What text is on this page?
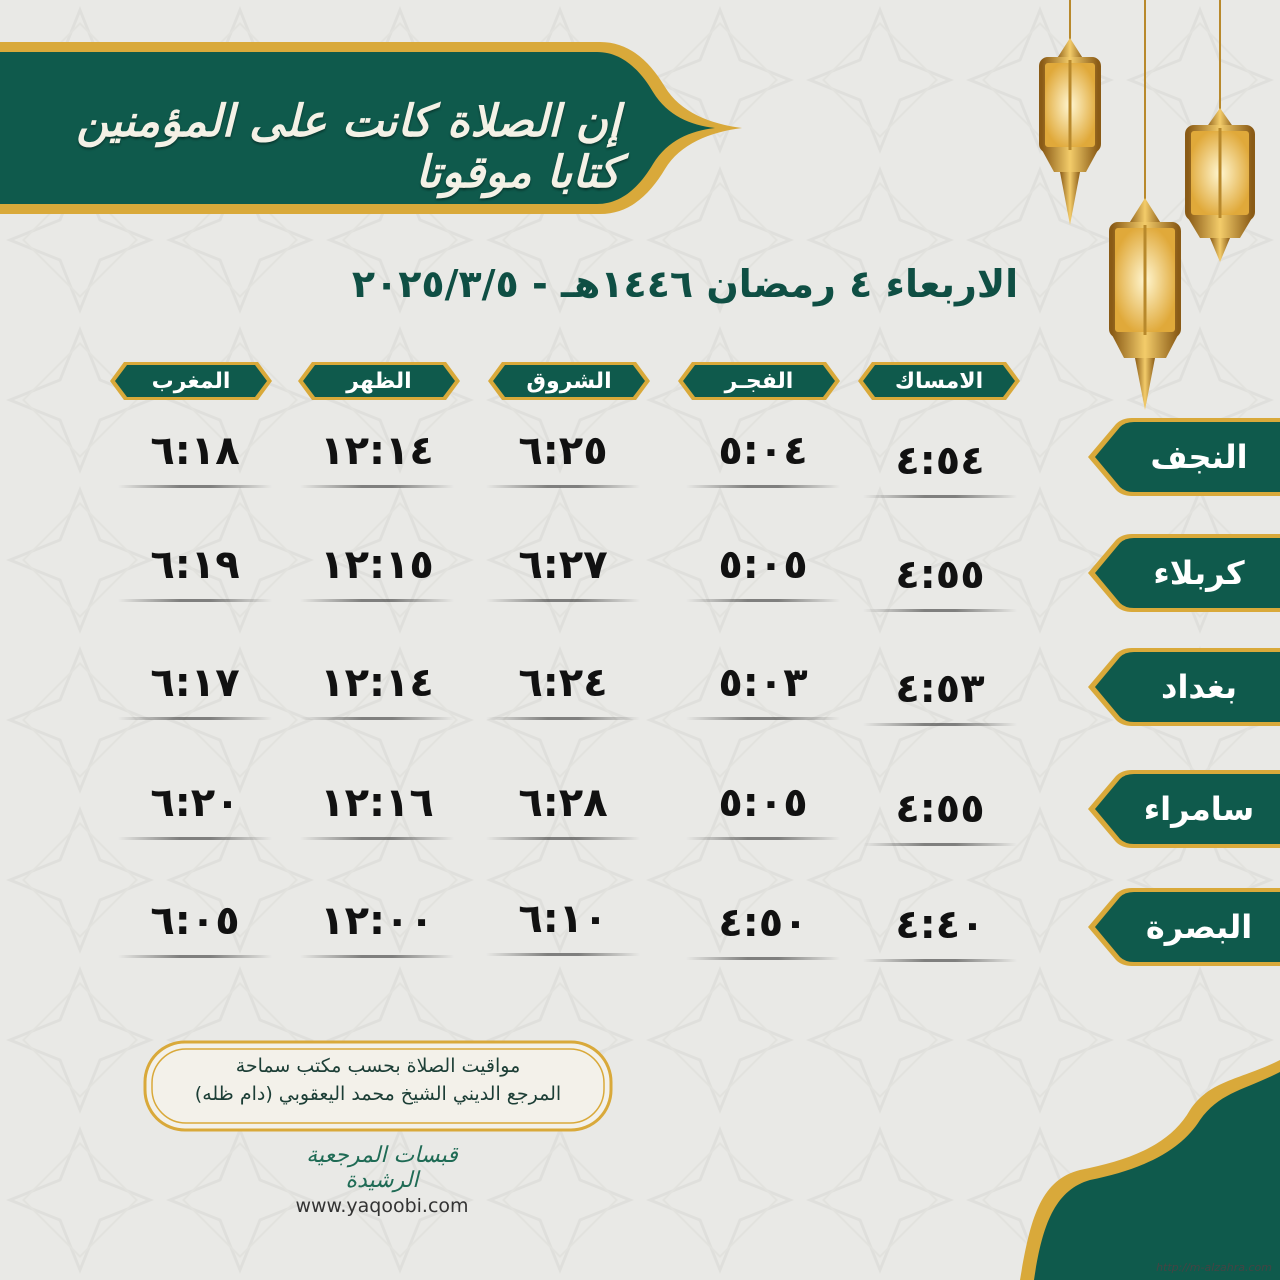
إن الصلاة كانت على المؤمنين كتابا موقوتا
الاربعاء ٤ رمضان ١٤٤٦هـ - ٢٠٢٥/٣/٥
الامساك
الفجـر
الشروق
الظهر
المغرب
النجف
كربلاء
بغداد
سامراء
البصرة
٤:٥٤
٥:٠٤
٦:٢٥
١٢:١٤
٦:١٨
٤:٥٥
٥:٠٥
٦:٢٧
١٢:١٥
٦:١٩
٤:٥٣
٥:٠٣
٦:٢٤
١٢:١٤
٦:١٧
٤:٥٥
٥:٠٥
٦:٢٨
١٢:١٦
٦:٢٠
٤:٤٠
٤:٥٠
٦:١٠
١٢:٠٠
٦:٠٥
مواقيت الصلاة بحسب مكتب سماحة
المرجع الديني الشيخ محمد اليعقوبي (دام ظله)
قبسات المرجعية الرشيدة
www.yaqoobi.com
http://m-alzahra.com
